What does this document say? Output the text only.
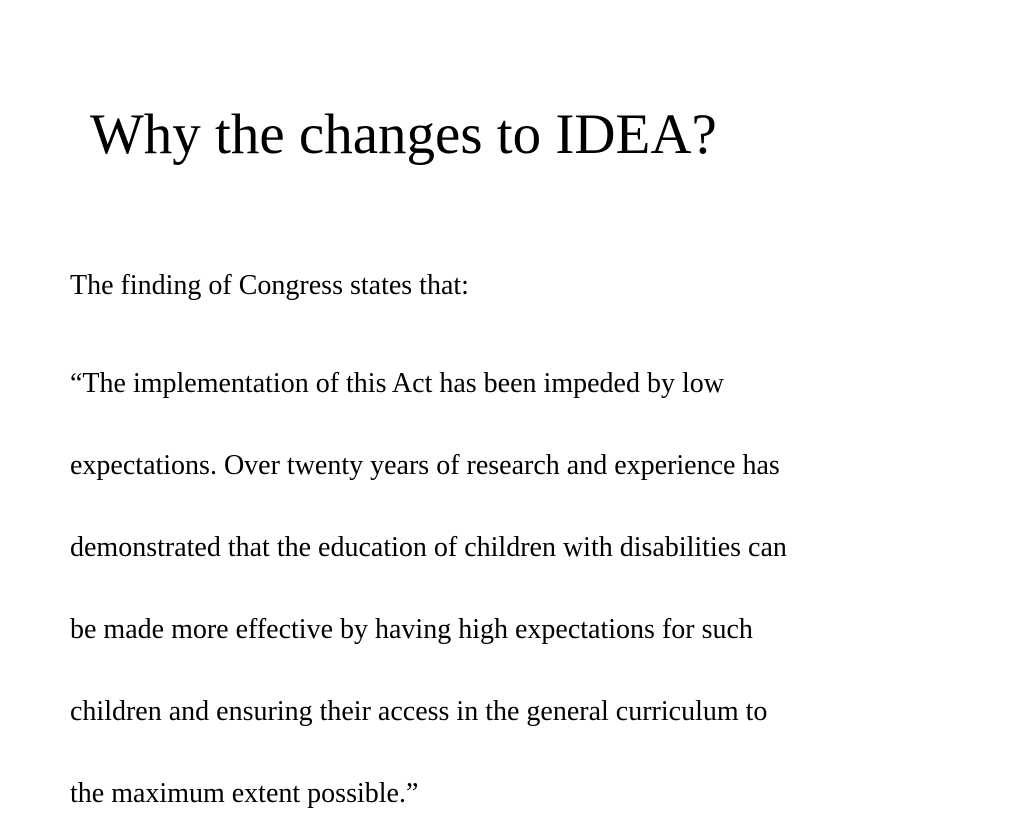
Why the changes to IDEA?

The finding of Congress states that:

“The implementation of this Act has been impeded by low

expectations. Over twenty years of research and experience has

demonstrated that the education of children with disabilities can

be made more effective by having high expectations for such

children and ensuring their access in the general curriculum to

the maximum extent possible.”
